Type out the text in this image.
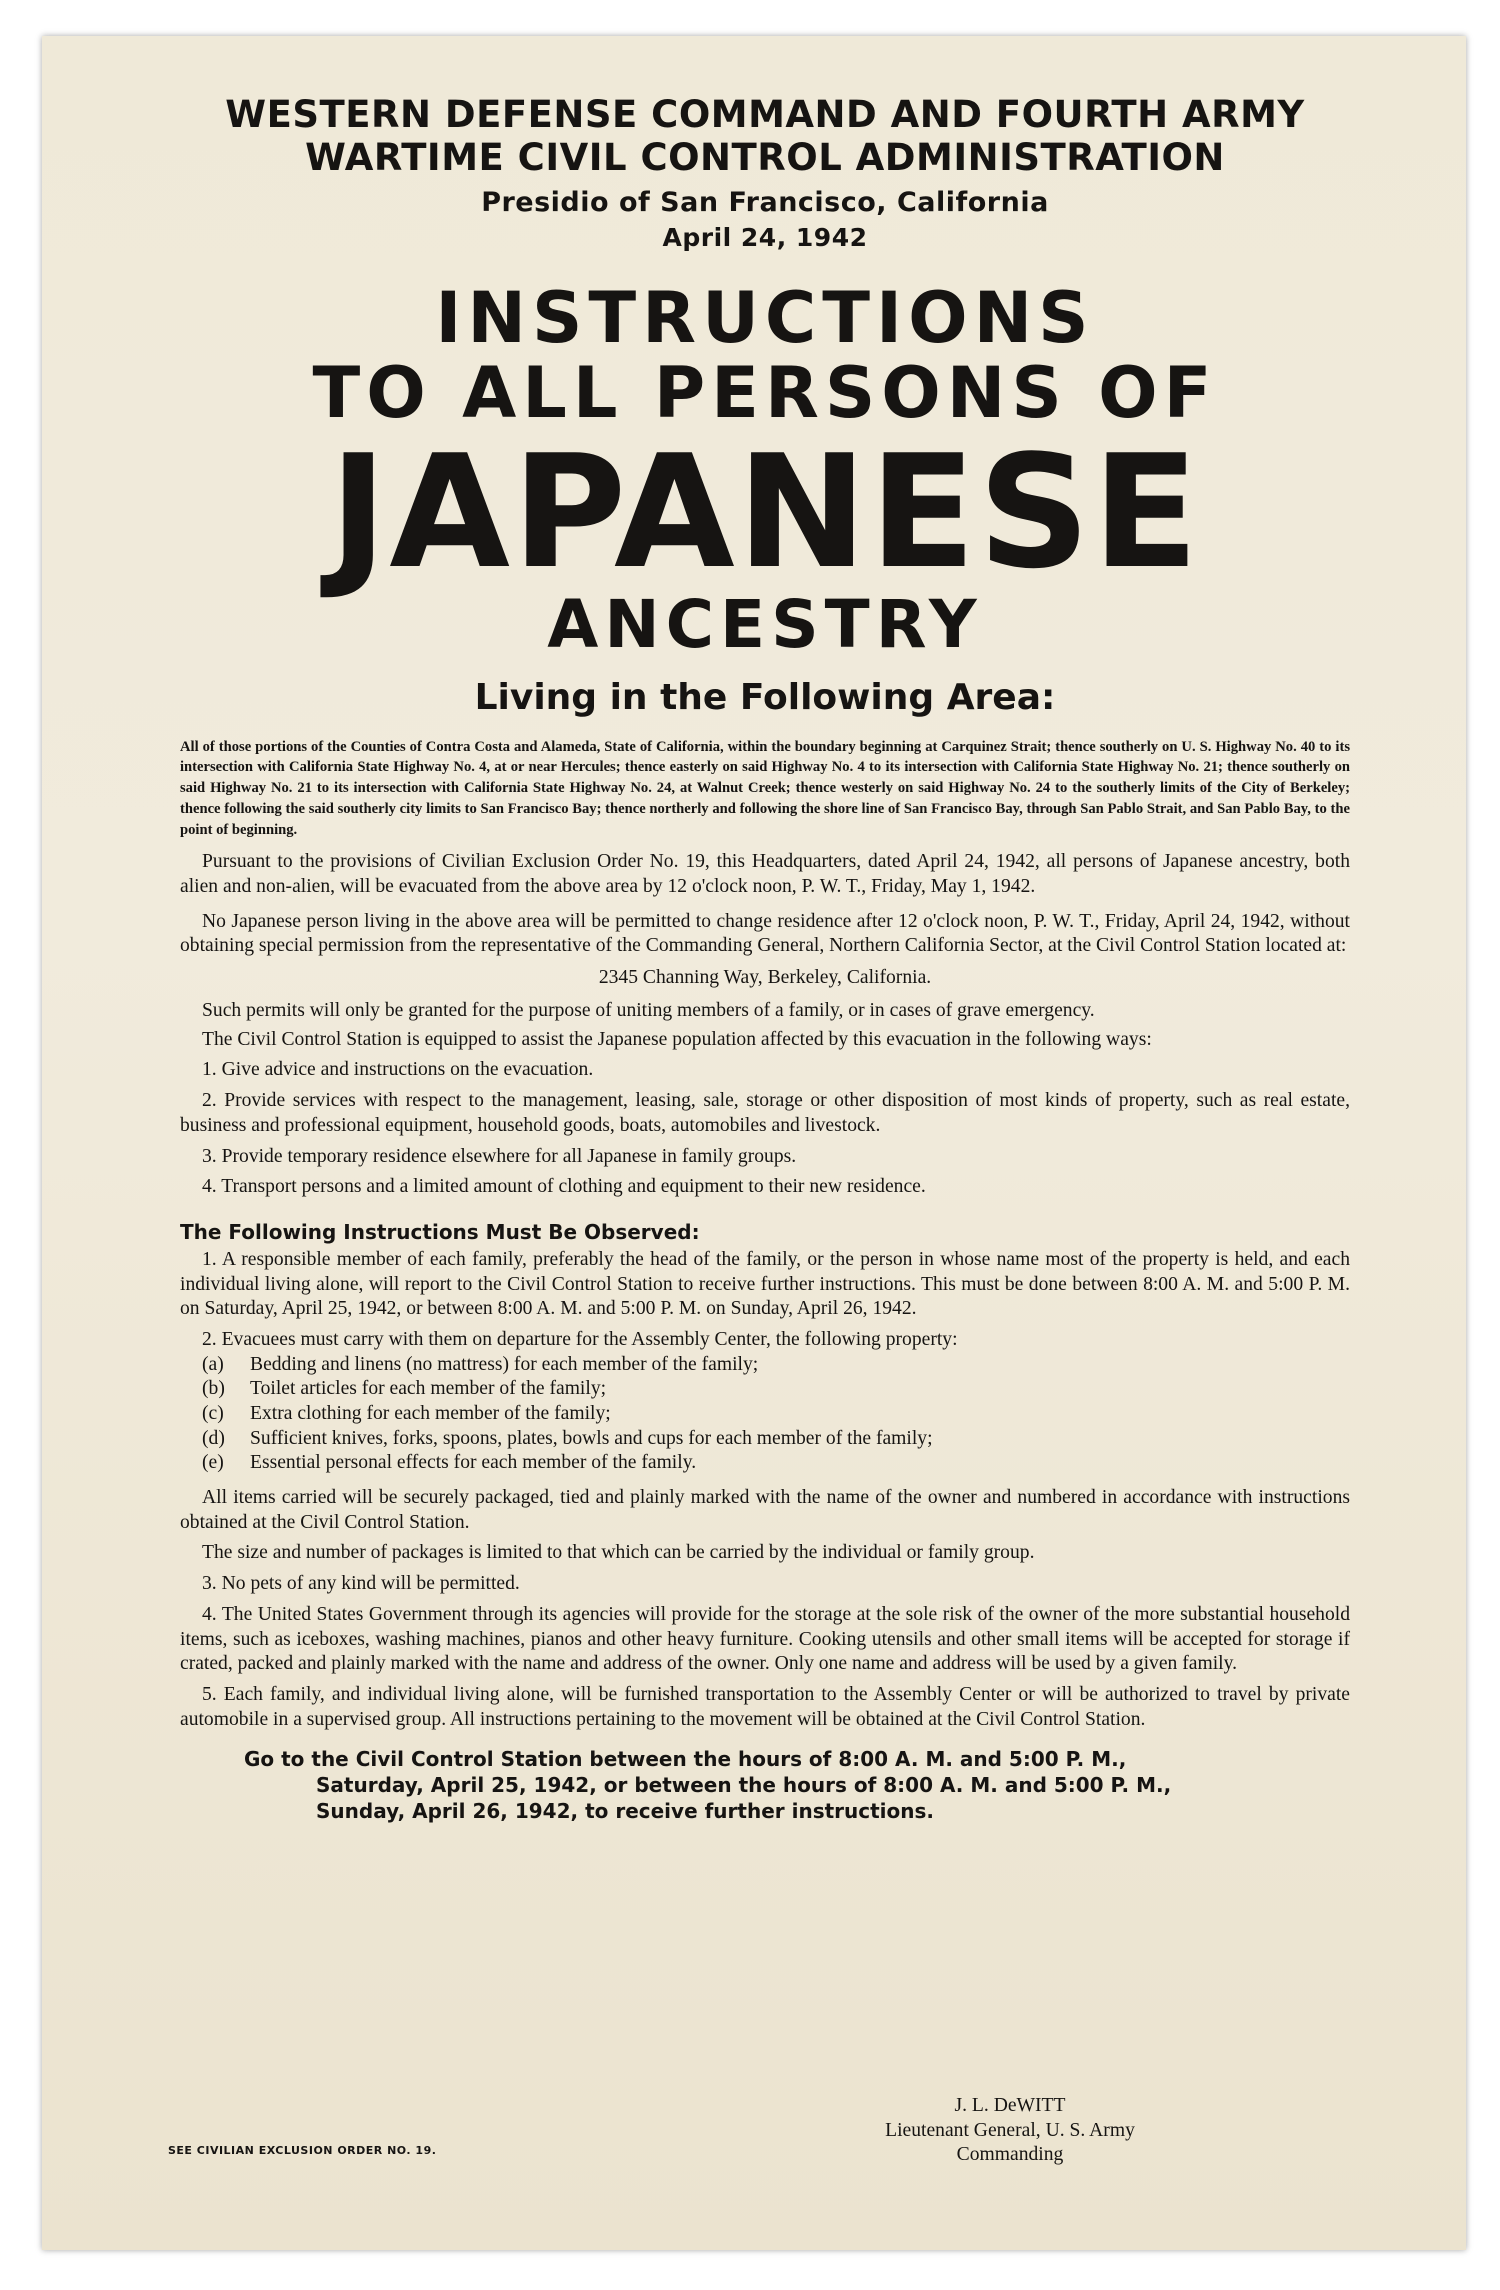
WESTERN DEFENSE COMMAND AND FOURTH ARMY

WARTIME CIVIL CONTROL ADMINISTRATION

Presidio of San Francisco, California

April 24, 1942

INSTRUCTIONS

TO ALL PERSONS OF

JAPANESE

ANCESTRY

Living in the Following Area:

All of those portions of the Counties of Contra Costa and Alameda, State of California, within the boundary beginning at Carquinez Strait; thence southerly on U. S. Highway No. 40 to its intersection with California State Highway No. 4, at or near Hercules; thence easterly on said Highway No. 4 to its intersection with California State Highway No. 21; thence southerly on said Highway No. 21 to its intersection with California State Highway No. 24, at Walnut Creek; thence westerly on said Highway No. 24 to the southerly limits of the City of Berkeley; thence following the said southerly city limits to San Francisco Bay; thence northerly and following the shore line of San Francisco Bay, through San Pablo Strait, and San Pablo Bay, to the point of beginning.

Pursuant to the provisions of Civilian Exclusion Order No. 19, this Headquarters, dated April 24, 1942, all persons of Japanese ancestry, both alien and non-alien, will be evacuated from the above area by 12 o'clock noon, P. W. T., Friday, May 1, 1942.

No Japanese person living in the above area will be permitted to change residence after 12 o'clock noon, P. W. T., Friday, April 24, 1942, without obtaining special permission from the representative of the Commanding General, Northern California Sector, at the Civil Control Station located at:

2345 Channing Way, Berkeley, California.

Such permits will only be granted for the purpose of uniting members of a family, or in cases of grave emergency.

The Civil Control Station is equipped to assist the Japanese population affected by this evacuation in the following ways:

1. Give advice and instructions on the evacuation.

2. Provide services with respect to the management, leasing, sale, storage or other disposition of most kinds of property, such as real estate, business and professional equipment, household goods, boats, automobiles and livestock.

3. Provide temporary residence elsewhere for all Japanese in family groups.

4. Transport persons and a limited amount of clothing and equipment to their new residence.

The Following Instructions Must Be Observed:

1. A responsible member of each family, preferably the head of the family, or the person in whose name most of the property is held, and each individual living alone, will report to the Civil Control Station to receive further instructions. This must be done between 8:00 A. M. and 5:00 P. M. on Saturday, April 25, 1942, or between 8:00 A. M. and 5:00 P. M. on Sunday, April 26, 1942.

2. Evacuees must carry with them on departure for the Assembly Center, the following property:

(a)	Bedding and linens (no mattress) for each member of the family;
(b)	Toilet articles for each member of the family;
(c)	Extra clothing for each member of the family;
(d)	Sufficient knives, forks, spoons, plates, bowls and cups for each member of the family;
(e)	Essential personal effects for each member of the family.

All items carried will be securely packaged, tied and plainly marked with the name of the owner and numbered in accordance with instructions obtained at the Civil Control Station.

The size and number of packages is limited to that which can be carried by the individual or family group.

3. No pets of any kind will be permitted.

4. The United States Government through its agencies will provide for the storage at the sole risk of the owner of the more substantial household items, such as iceboxes, washing machines, pianos and other heavy furniture. Cooking utensils and other small items will be accepted for storage if crated, packed and plainly marked with the name and address of the owner. Only one name and address will be used by a given family.

5. Each family, and individual living alone, will be furnished transportation to the Assembly Center or will be authorized to travel by private automobile in a supervised group. All instructions pertaining to the movement will be obtained at the Civil Control Station.

Go to the Civil Control Station between the hours of 8:00 A. M. and 5:00 P. M.,
Saturday, April 25, 1942, or between the hours of 8:00 A. M. and 5:00 P. M.,
Sunday, April 26, 1942, to receive further instructions.
J. L. DeWITT
Lieutenant General, U. S. Army
Commanding
SEE CIVILIAN EXCLUSION ORDER NO. 19.
